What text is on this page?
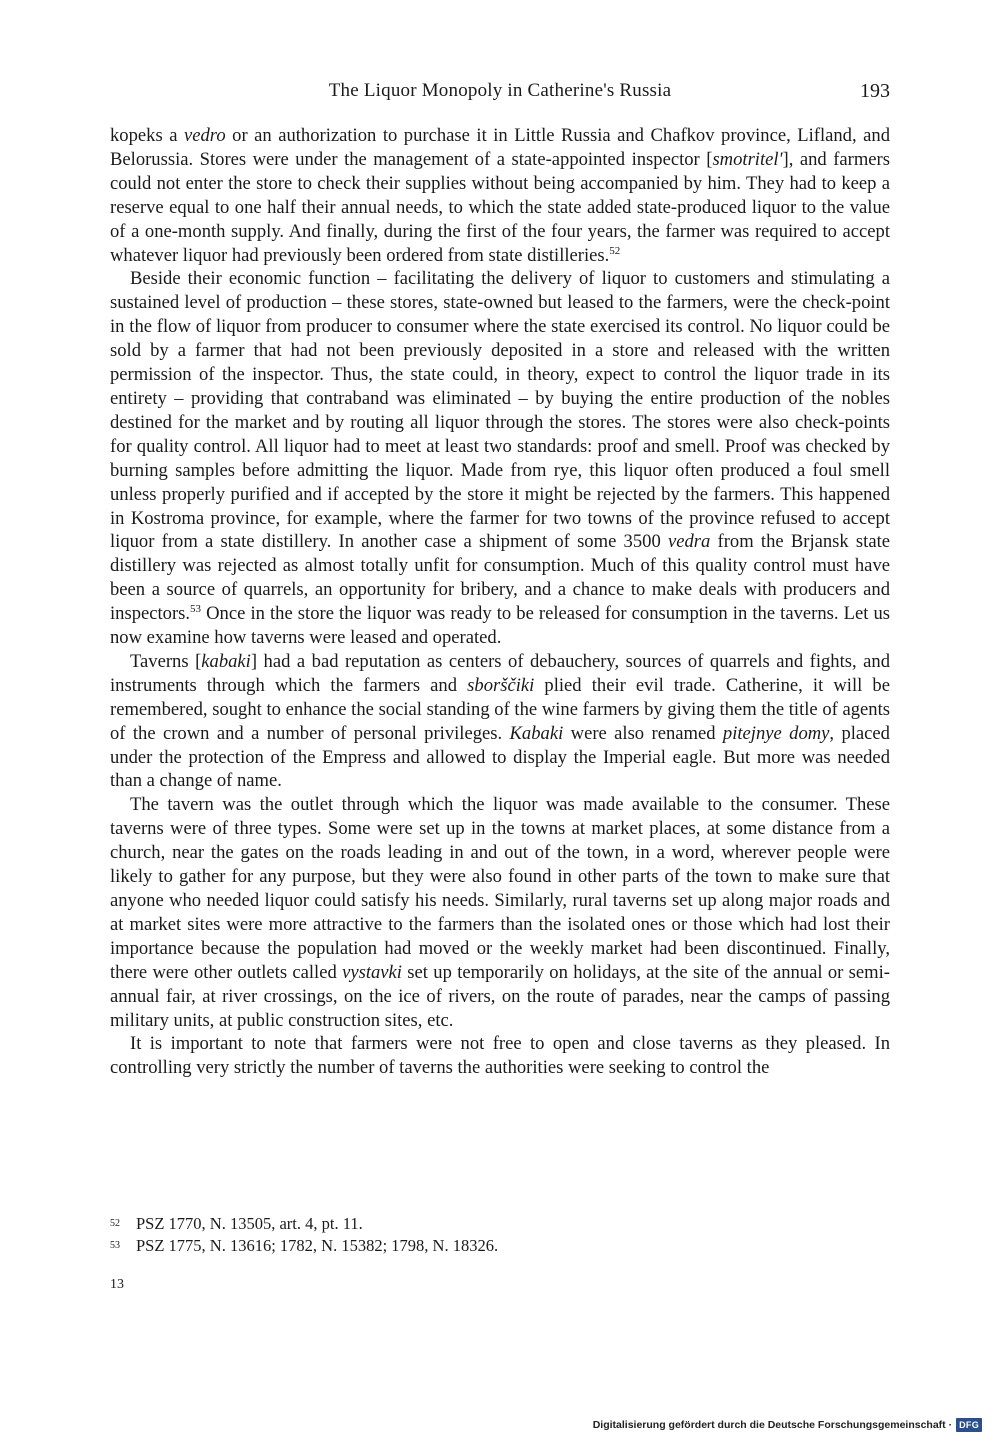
The Liquor Monopoly in Catherine's Russia	193

kopeks a vedro or an authorization to purchase it in Little Russia and Chafkov province, Lifland, and Belorussia. Stores were under the management of a state-appointed inspector [smotritel'], and farmers could not enter the store to check their supplies without being accompanied by him. They had to keep a reserve equal to one half their annual needs, to which the state added state-produced liquor to the value of a one-month supply. And finally, during the first of the four years, the farmer was required to accept whatever liquor had previously been ordered from state distilleries.$^{52}$

Beside their economic function – facilitating the delivery of liquor to customers and stimulating a sustained level of production – these stores, state-owned but leased to the farmers, were the check-point in the flow of liquor from producer to consumer where the state exercised its control. No liquor could be sold by a farmer that had not been previously deposited in a store and released with the written permission of the inspector. Thus, the state could, in theory, expect to control the liquor trade in its entirety – providing that contraband was eliminated – by buying the entire production of the nobles destined for the market and by routing all liquor through the stores. The stores were also check-points for quality control. All liquor had to meet at least two standards: proof and smell. Proof was checked by burning samples before admitting the liquor. Made from rye, this liquor often produced a foul smell unless properly purified and if accepted by the store it might be rejected by the farmers. This happened in Kostroma province, for example, where the farmer for two towns of the province refused to accept liquor from a state distillery. In another case a shipment of some 3500 vedra from the Brjansk state distillery was rejected as almost totally unfit for consumption. Much of this quality control must have been a source of quarrels, an opportunity for bribery, and a chance to make deals with producers and inspectors.$^{53}$ Once in the store the liquor was ready to be released for consumption in the taverns. Let us now examine how taverns were leased and operated.

Taverns [kabaki] had a bad reputation as centers of debauchery, sources of quarrels and fights, and instruments through which the farmers and sborščiki plied their evil trade. Catherine, it will be remembered, sought to enhance the social standing of the wine farmers by giving them the title of agents of the crown and a number of personal privileges. Kabaki were also renamed pitejnye domy, placed under the protection of the Empress and allowed to display the Imperial eagle. But more was needed than a change of name.

The tavern was the outlet through which the liquor was made available to the consumer. These taverns were of three types. Some were set up in the towns at market places, at some distance from a church, near the gates on the roads leading in and out of the town, in a word, wherever people were likely to gather for any purpose, but they were also found in other parts of the town to make sure that anyone who needed liquor could satisfy his needs. Similarly, rural taverns set up along major roads and at market sites were more attractive to the farmers than the isolated ones or those which had lost their importance because the population had moved or the weekly market had been discontinued. Finally, there were other outlets called vystavki set up temporarily on holidays, at the site of the annual or semi-annual fair, at river crossings, on the ice of rivers, on the route of parades, near the camps of passing military units, at public construction sites, etc.

It is important to note that farmers were not free to open and close taverns as they pleased. In controlling very strictly the number of taverns the authorities were seeking to control the

52 PSZ 1770, N. 13505, art. 4, pt. 11.
53 PSZ 1775, N. 13616; 1782, N. 15382; 1798, N. 18326.
13
Digitalisierung gefördert durch die Deutsche Forschungsgemeinschaft · DFG
